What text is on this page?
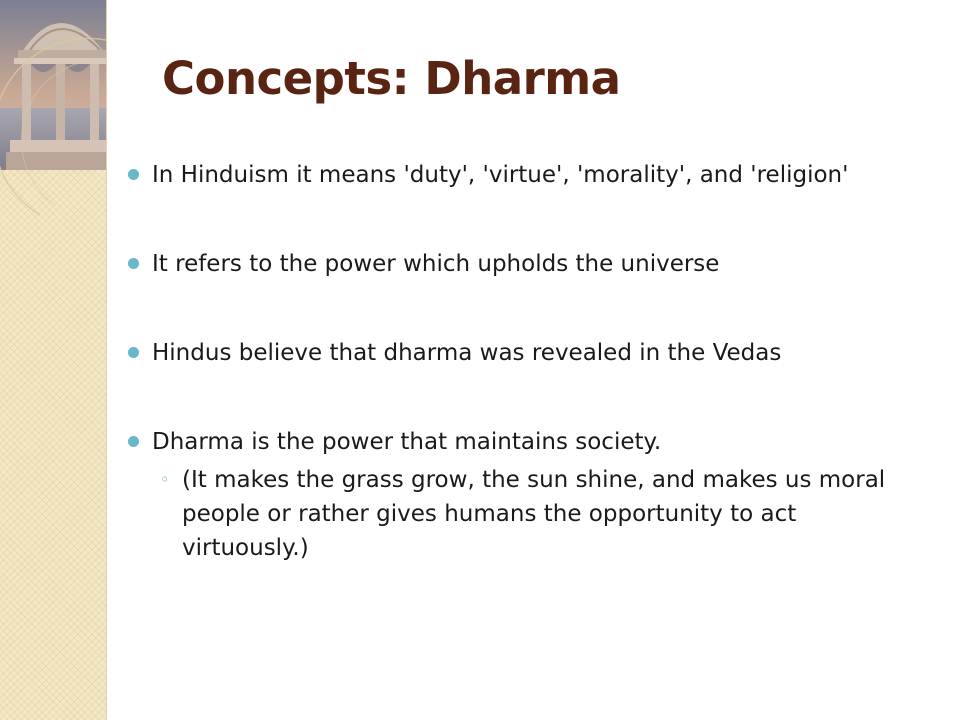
Concepts: Dharma
In Hinduism it means 'duty', 'virtue', 'morality', and 'religion'
It refers to the power which upholds the universe
Hindus believe that dharma was revealed in the Vedas
Dharma is the power that maintains society.
◦ (It makes the grass grow, the sun shine, and makes us moral people or rather gives humans the opportunity to act virtuously.)
